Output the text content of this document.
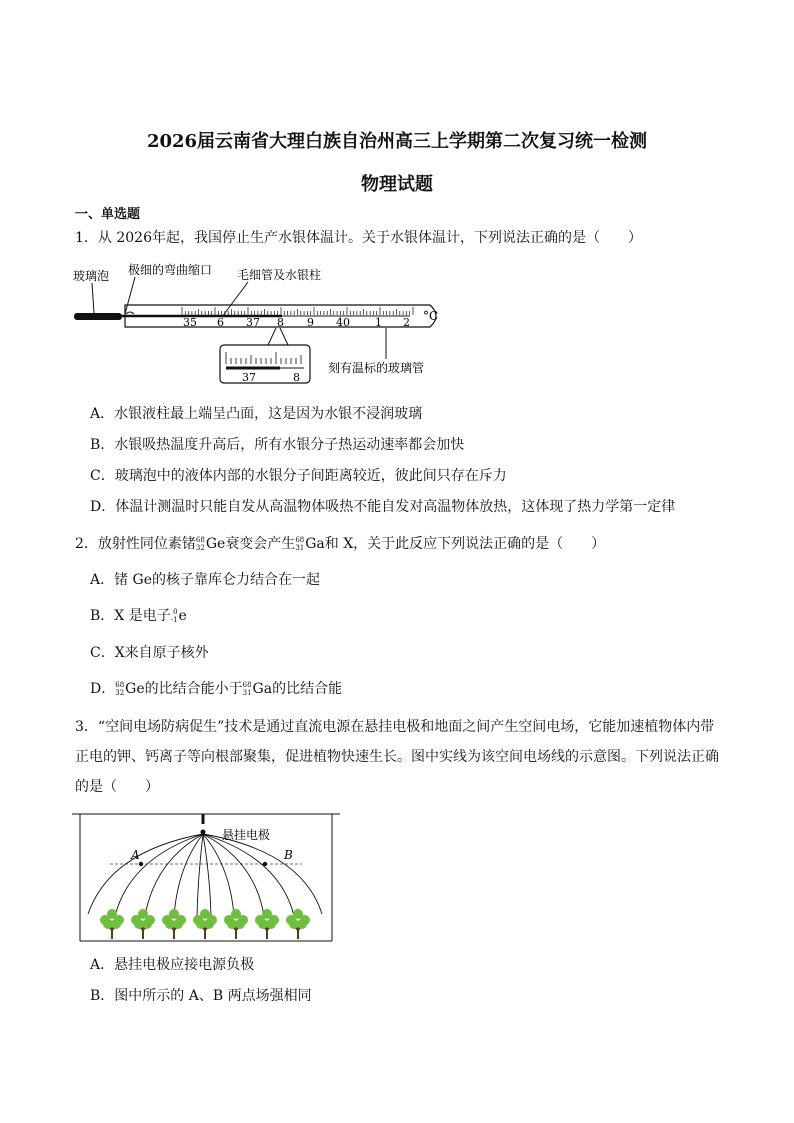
2026届云南省大理白族自治州高三上学期第二次复习统一检测
物理试题
一、单选题
1．从 2026年起，我国停止生产水银体温计。关于水银体温计，下列说法正确的是（　　）
玻璃泡 极细的弯曲缩口 毛细管及水银柱
35 6 37 8 9 40 1 2 °C
37	8
刻有温标的玻璃管
A．水银液柱最上端呈凸面，这是因为水银不浸润玻璃
B．水银吸热温度升高后，所有水银分子热运动速率都会加快
C．玻璃泡中的液体内部的水银分子间距离较近，彼此间只存在斥力
D．体温计测温时只能自发从高温物体吸热不能自发对高温物体放热，这体现了热力学第一定律
2．放射性同位素锗 68
32 Ge 衰变会产生 68
31 Ga 和 X，关于此反应下列说法正确的是（　　）
A．锗 Ge的核子靠库仑力结合在一起
B．X 是电子 0
-1 e
C．X来自原子核外
D． 68
32 Ge 的比结合能小于 68
31 Ga 的比结合能
3．“空间电场防病促生”技术是通过直流电源在悬挂电极和地面之间产生空间电场，它能加速植物体内带正电的钾、钙离子等向根部聚集，促进植物快速生长。图中实线为该空间电场线的示意图。下列说法正确的是（　　）
悬挂电极
A	B
A．悬挂电极应接电源负极
B．图中所示的 A、B 两点场强相同
